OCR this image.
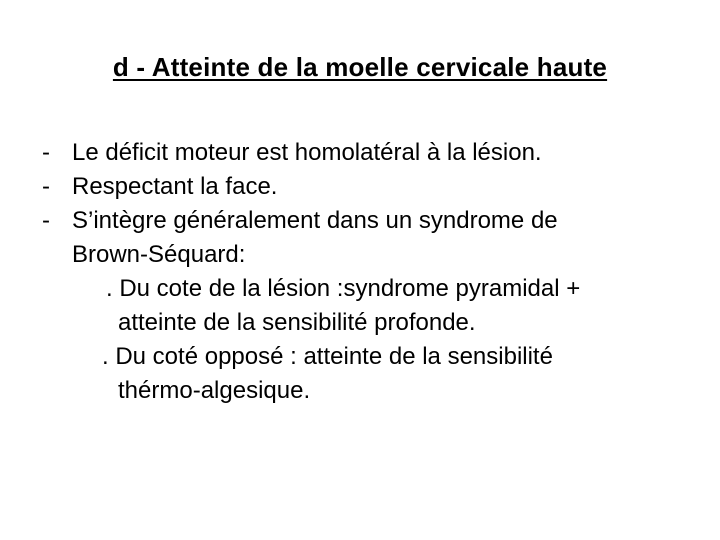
d - Atteinte de la moelle cervicale haute
- Le déficit moteur est homolatéral à la lésion.
- Respectant la face.
- S’intègre généralement dans un syndrome de
Brown-Séquard:
. Du cote de la lésion :syndrome pyramidal +
atteinte de la sensibilité profonde.
. Du coté opposé : atteinte de la sensibilité
thérmo-algesique.
